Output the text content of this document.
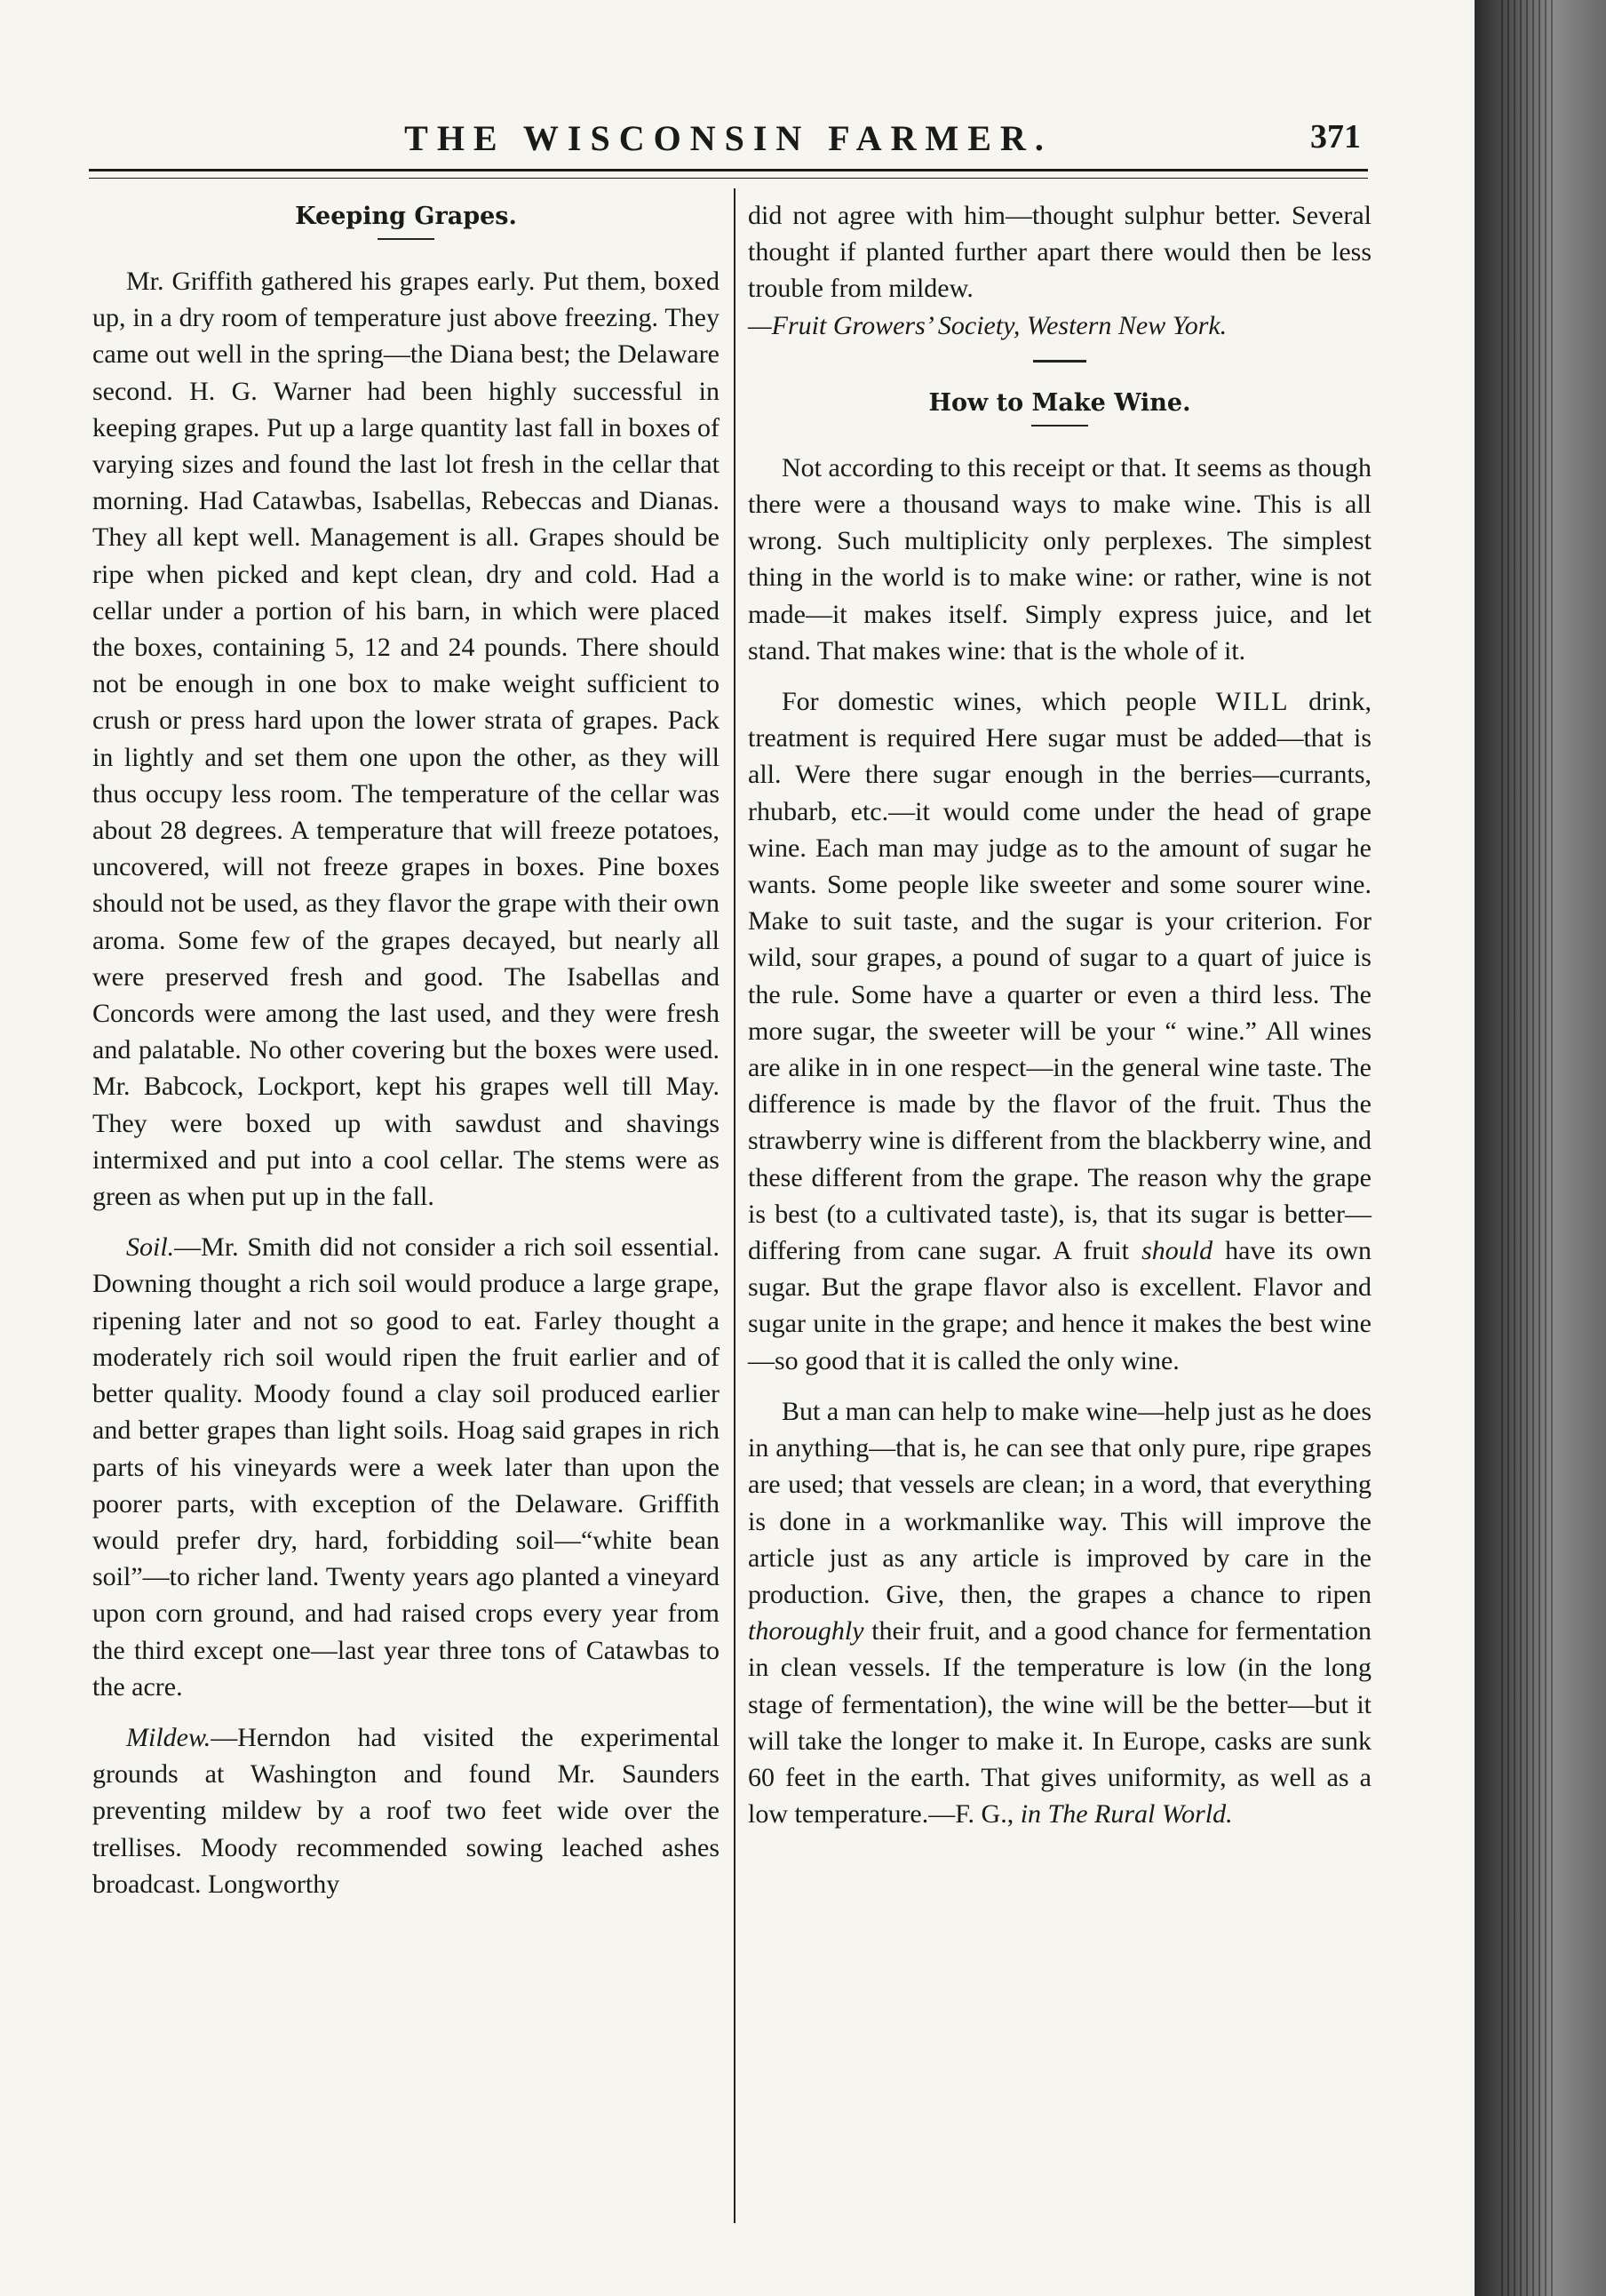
THE WISCONSIN FARMER.	371
Keeping Grapes.

Mr. Griffith gathered his grapes early. Put them, boxed up, in a dry room of temperature just above freezing. They came out well in the spring—the Diana best; the Delaware second. H. G. Warner had been highly successful in keeping grapes. Put up a large quantity last fall in boxes of varying sizes and found the last lot fresh in the cellar that morning. Had Catawbas, Isabellas, Rebeccas and Dianas. They all kept well. Management is all. Grapes should be ripe when picked and kept clean, dry and cold. Had a cellar under a portion of his barn, in which were placed the boxes, containing 5, 12 and 24 pounds. There should not be enough in one box to make weight sufficient to crush or press hard upon the lower strata of grapes. Pack in lightly and set them one upon the other, as they will thus occupy less room. The temperature of the cellar was about 28 degrees. A temperature that will freeze potatoes, uncovered, will not freeze grapes in boxes. Pine boxes should not be used, as they flavor the grape with their own aroma. Some few of the grapes decayed, but nearly all were preserved fresh and good. The Isabellas and Concords were among the last used, and they were fresh and palatable. No other covering but the boxes were used. Mr. Babcock, Lockport, kept his grapes well till May. They were boxed up with sawdust and shavings intermixed and put into a cool cellar. The stems were as green as when put up in the fall.

Soil.—Mr. Smith did not consider a rich soil essential. Downing thought a rich soil would produce a large grape, ripening later and not so good to eat. Farley thought a moderately rich soil would ripen the fruit earlier and of better quality. Moody found a clay soil produced earlier and better grapes than light soils. Hoag said grapes in rich parts of his vineyards were a week later than upon the poorer parts, with exception of the Delaware. Griffith would prefer dry, hard, forbidding soil—“white bean soil”—to richer land. Twenty years ago planted a vineyard upon corn ground, and had raised crops every year from the third except one—last year three tons of Catawbas to the acre.

Mildew.—Herndon had visited the experimental grounds at Washington and found Mr. Saunders preventing mildew by a roof two feet wide over the trellises. Moody recommended sowing leached ashes broadcast. Longworthy

did not agree with him—thought sulphur better. Several thought if planted further apart there would then be less trouble from mildew.

—Fruit Growers’ Society, Western New York.
How to Make Wine.

Not according to this receipt or that. It seems as though there were a thousand ways to make wine. This is all wrong. Such multiplicity only perplexes. The simplest thing in the world is to make wine: or rather, wine is not made—it makes itself. Simply express juice, and let stand. That makes wine: that is the whole of it.

For domestic wines, which people WILL drink, treatment is required Here sugar must be added—that is all. Were there sugar enough in the berries—currants, rhubarb, etc.—it would come under the head of grape wine. Each man may judge as to the amount of sugar he wants. Some people like sweeter and some sourer wine. Make to suit taste, and the sugar is your criterion. For wild, sour grapes, a pound of sugar to a quart of juice is the rule. Some have a quarter or even a third less. The more sugar, the sweeter will be your “ wine.” All wines are alike in in one respect—in the general wine taste. The difference is made by the flavor of the fruit. Thus the strawberry wine is different from the blackberry wine, and these different from the grape. The reason why the grape is best (to a cultivated taste), is, that its sugar is better—differing from cane sugar. A fruit should have its own sugar. But the grape flavor also is excellent. Flavor and sugar unite in the grape; and hence it makes the best wine—so good that it is called the only wine.

But a man can help to make wine—help just as he does in anything—that is, he can see that only pure, ripe grapes are used; that vessels are clean; in a word, that everything is done in a workmanlike way. This will improve the article just as any article is improved by care in the production. Give, then, the grapes a chance to ripen thoroughly their fruit, and a good chance for fermentation in clean vessels. If the temperature is low (in the long stage of fermentation), the wine will be the better—but it will take the longer to make it. In Europe, casks are sunk 60 feet in the earth. That gives uniformity, as well as a low temperature.—F. G., in The Rural World.
